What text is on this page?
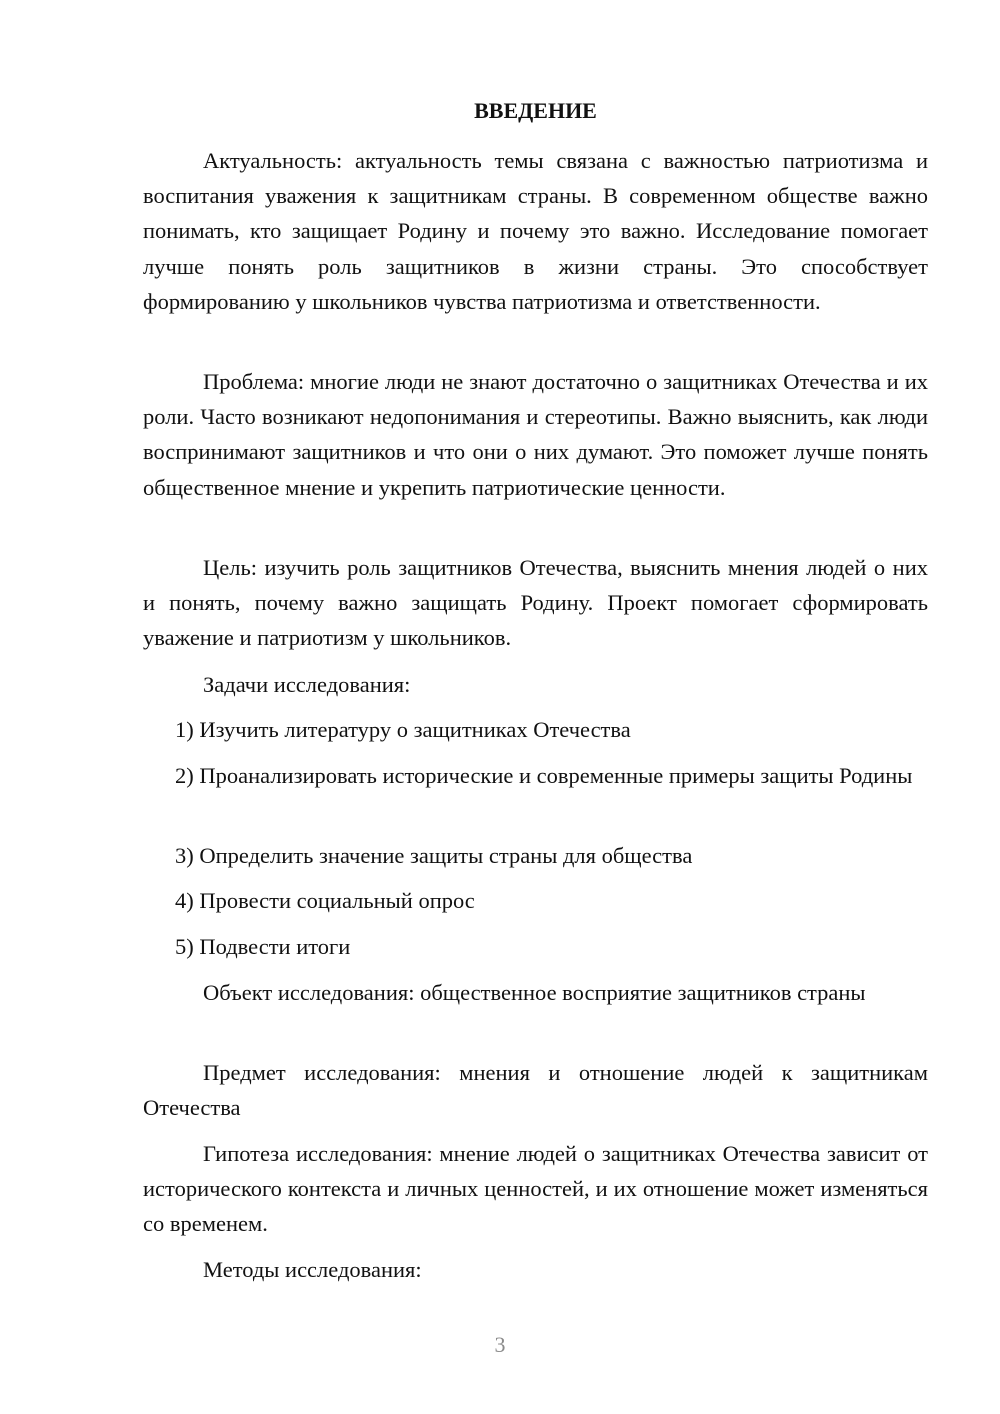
ВВЕДЕНИЕ

Актуальность: актуальность темы связана с важностью патриотизма и воспитания уважения к защитникам страны. В современном обществе важно понимать, кто защищает Родину и почему это важно. Исследование помогает лучше понять роль защитников в жизни страны. Это способствует формированию у школьников чувства патриотизма и ответственности.

Проблема: многие люди не знают достаточно о защитниках Отечества и их роли. Часто возникают недопонимания и стереотипы. Важно выяснить, как люди воспринимают защитников и что они о них думают. Это поможет лучше понять общественное мнение и укрепить патриотические ценности.

Цель: изучить роль защитников Отечества, выяснить мнения людей о них и понять, почему важно защищать Родину. Проект помогает сформировать уважение и патриотизм у школьников.

Задачи исследования:

1) Изучить литературу о защитниках Отечества

2) Проанализировать исторические и современные примеры защиты Родины

3) Определить значение защиты страны для общества

4) Провести социальный опрос

5) Подвести итоги

Объект исследования: общественное восприятие защитников страны

Предмет исследования: мнения и отношение людей к защитникам Отечества

Гипотеза исследования: мнение людей о защитниках Отечества зависит от исторического контекста и личных ценностей, и их отношение может изменяться со временем.

Методы исследования:

3
